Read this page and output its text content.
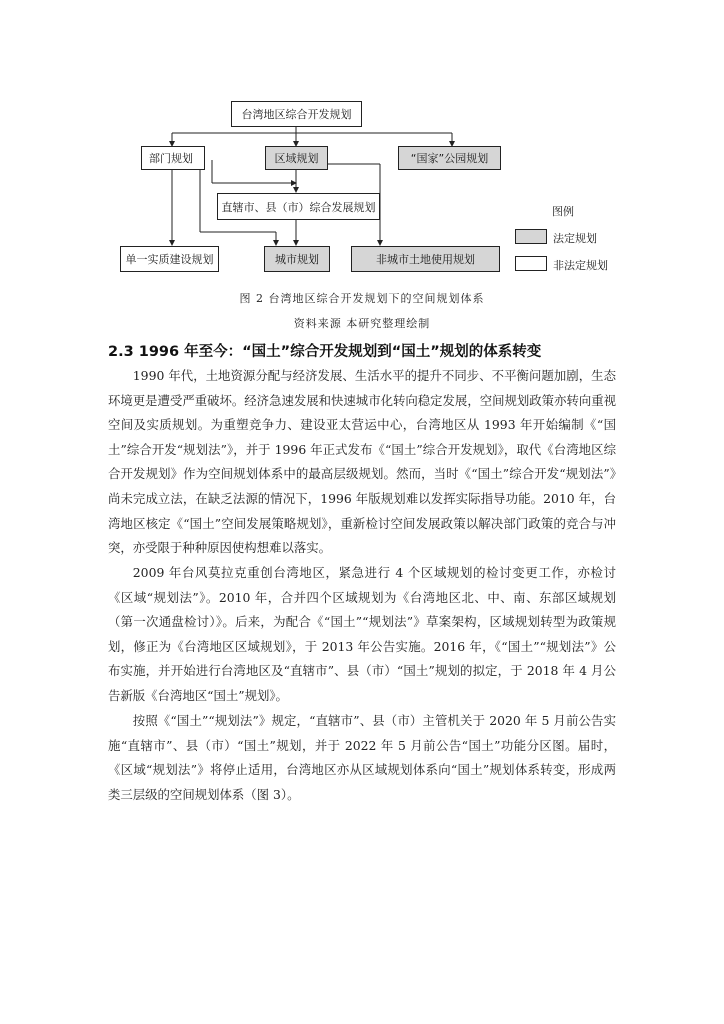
台湾地区综合开发规划
部门规划	区域规划	“国家”公园规划
直辖市、县（市）综合发展规划
单一实质建设规划	城市规划	非城市土地使用规划
图例
法定规划
非法定规划
图 2 台湾地区综合开发规划下的空间规划体系
资料来源 本研究整理绘制
2.3 1996 年至今：“国土”综合开发规划到“国土”规划的体系转变

1990 年代，土地资源分配与经济发展、生活水平的提升不同步、不平衡问题加剧，生态环境更是遭受严重破坏。经济急速发展和快速城市化转向稳定发展，空间规划政策亦转向重视空间及实质规划。为重塑竞争力、建设亚太营运中心，台湾地区从 1993 年开始编制《“国土”综合开发“规划法”》，并于 1996 年正式发布《“国土”综合开发规划》，取代《台湾地区综合开发规划》作为空间规划体系中的最高层级规划。然而，当时《“国土”综合开发“规划法”》尚未完成立法，在缺乏法源的情况下，1996 年版规划难以发挥实际指导功能。2010 年，台湾地区核定《“国土”空间发展策略规划》，重新检讨空间发展政策以解决部门政策的竞合与冲突，亦受限于种种原因使构想难以落实。

2009 年台风莫拉克重创台湾地区，紧急进行 4 个区域规划的检讨变更工作，亦检讨《区域“规划法”》。2010 年，合并四个区域规划为《台湾地区北、中、南、东部区域规划（第一次通盘检讨）》。后来，为配合《“国土”“规划法”》草案架构，区域规划转型为政策规划，修正为《台湾地区区域规划》，于 2013 年公告实施。2016 年，《“国土”“规划法”》公布实施，并开始进行台湾地区及“直辖市”、县（市）“国土”规划的拟定，于 2018 年 4 月公告新版《台湾地区“国土”规划》。

按照《“国土”“规划法”》规定，“直辖市”、县（市）主管机关于 2020 年 5 月前公告实施“直辖市”、县（市）“国土”规划，并于 2022 年 5 月前公告“国土”功能分区图。届时，《区域“规划法”》将停止适用，台湾地区亦从区域规划体系向“国土”规划体系转变，形成两类三层级的空间规划体系（图 3）。
